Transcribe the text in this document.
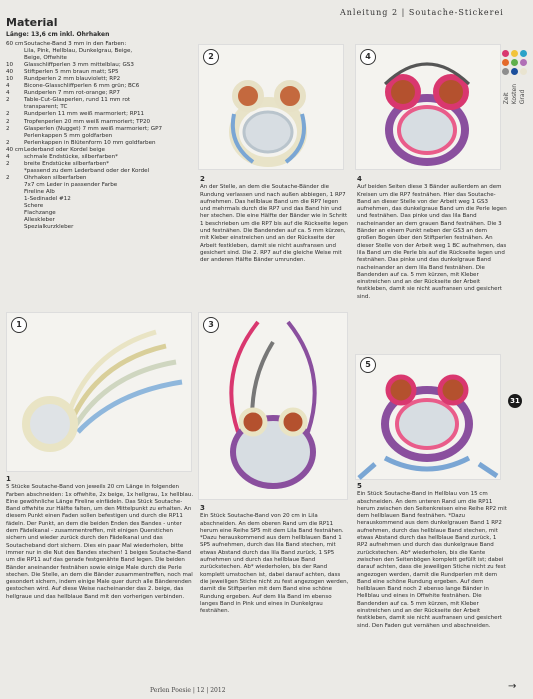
Anleitung 2 | Soutache-Stickerei
Zeit Kosten Grad
Material
Länge: 13,6 cm inkl. Ohrhaken
60 cm Soutache-Band 3 mm in den Farben:
Lila, Pink, Hellblau, Dunkelgrau, Beige,
Beige, Offwhite
10	Glasschliffperlen 3 mm mittelblau; GS3
40	Stiftperlen 5 mm braun matt; SP5
10	Rundperlen 2 mm blauviolett; RP2
4	Bicone-Glasschliffperlen 6 mm grün; BC6
4	Rundperlen 7 mm rot-orange; RP7
2	Table-Cut-Glasperlen, rund 11 mm rot
transparent; TC
2	Rundperlen 11 mm weiß marmoriert; RP11
2	Tropfenperlen 20 mm weiß marmoriert; TP20
2	Glasperlen (Nugget) 7 mm weiß marmoriert; GP7
Perlenkappen 5 mm goldfarben
2	Perlenkappen in Blütenform 10 mm goldfarben
40 cm Lederband oder Kordel beige
4	schmale Endstücke, silberfarben*
2	breite Endstücke silberfarben*
*passend zu dem Lederband oder der Kordel
2	Ohrhaken silberfarben
7x7 cm Leder in passender Farbe
Fireline Alb
1-Sedinadel #12
Schere
Flachzange
Alleskleber
Spezialkurzkleber
2
2
An der Stelle, an dem die Soutache-Bänder die Rundung verlassen und nach außen abbiegen, 1 RP7 aufnehmen. Das hellblaue Band um die RP7 legen und mehrmals durch die RP7 und das Band hin und her stechen. Die eine Hälfte der Bänder wie in Schritt 1 beschrieben um die RP7 bis auf die Rückseite legen und festnähen. Die Bandenden auf ca. 5 mm kürzen, mit Kleber einstreichen und an der Rückseite der Arbeit festkleben, damit sie nicht ausfransen und gesichert sind. Die 2. RP7 auf die gleiche Weise mit der anderen Hälfte Bänder umrunden.
4
4
Auf beiden Seiten diese 3 Bänder außerdem an dem Kreisen um die RP7 festnähen. Hier das Soutache-Band an dieser Stelle von der Arbeit weg 1 GS3 aufnehmen, das dunkelgraue Band um die Perle legen und festnähen. Das pinke und das lila Band nacheinander an dem grauen Band festnähen. Die 3 Bänder an einem Punkt neben der GS3 an dem großen Bogen über den Stiftperlen festnähen. An dieser Stelle von der Arbeit weg 1 BC aufnehmen, das lila Band um die Perle bis auf die Rückseite legen und festnähen. Das pinke und das dunkelgraue Band nacheinander an dem lila Band festnähen. Die Bandenden auf ca. 5 mm kürzen, mit Kleber einstreichen und an der Rückseite der Arbeit festkleben, damit sie nicht ausfransen und gesichert sind.
1
1
5 Stücke Soutache-Band von jeweils 20 cm Länge in folgenden Farben abschneiden: 1x offwhite, 2x beige, 1x hellgrau, 1x hellblau. Eine gewöhnliche Länge Fireline einfädeln. Das Stück Soutache-Band offwhite zur Hälfte falten, um den Mittelpunkt zu erhalten. An diesem Punkt einen Faden sollen befestigen und durch die RP11 fädeln. Der Punkt, an dem die beiden Enden des Bandes - unter dem Fädelkanal - zusammentreffen, mit einigen Querstichen sichern und wieder zurück durch den Fädelkanal und das Soutacheband dort sichern. Dies ein paar Mal wiederholen, bitte immer nur in die Nut des Bandes stechen! 1 beiges Soutache-Band um die RP11 auf das gerade festgenähte Band legen. Die beiden Bänder aneinander festnähen sowie einige Male durch die Perle stechen. Die Stelle, an dem die Bänder zusammentreffen, noch mal gesondert sichern, indem einige Male quer durch alle Bänderenden gestochen wird. Auf diese Weise nacheinander das 2. beige, das hellgraue und das hellblaue Band mit den vorherigen verbinden.
3
3
Ein Stück Soutache-Band von 20 cm in Lila abschneiden. An dem oberen Rand um die RP11 herum eine Reihe SP5 mit dem Lila Band festnähen. *Dazu herauskommend aus dem hellblauen Band 1 SP5 aufnehmen, durch das lila Band stechen, mit etwas Abstand durch das lila Band zurück, 1 SP5 aufnehmen und durch das hellblaue Band zurückstechen. Ab* wiederholen, bis der Rand komplett umstochen ist, dabei darauf achten, dass die jeweiligen Stiche nicht zu fest angezogen werden, damit die Stiftperlen mit dem Band eine schöne Rundung ergeben. Auf dem lila Band im ebenso langes Band in Pink und eines in Dunkelgrau festnähen.
5
5
Ein Stück Soutache-Band in Hellblau von 15 cm abschneiden. An dem unteren Rand um die RP11 herum zwischen den Seitenkreisen eine Reihe RP2 mit dem hellblauen Band festnähen. *Dazu herauskommend aus dem dunkelgrauen Band 1 RP2 aufnehmen, durch das hellblaue Band stechen, mit etwas Abstand durch das hellblaue Band zurück, 1 RP2 aufnehmen und durch das dunkelgraue Band zurückstechen. Ab* wiederholen, bis die Kante zwischen den Seitenbögen komplett gefüllt ist; dabei darauf achten, dass die jeweiligen Stiche nicht zu fest angezogen werden, damit die Rundperlen mit dem Band eine schöne Rundung ergeben. Auf dem hellblauen Band noch 2 ebenso lange Bänder in Hellblau und eines in Offwhite festnähen. Die Bandenden auf ca. 5 mm kürzen, mit Kleber einstreichen und an der Rückseite der Arbeit festkleben, damit sie nicht ausfransen und gesichert sind. Den Faden gut vernähen und abschneiden.
31
Perlen Poesie | 12 | 2012	→
